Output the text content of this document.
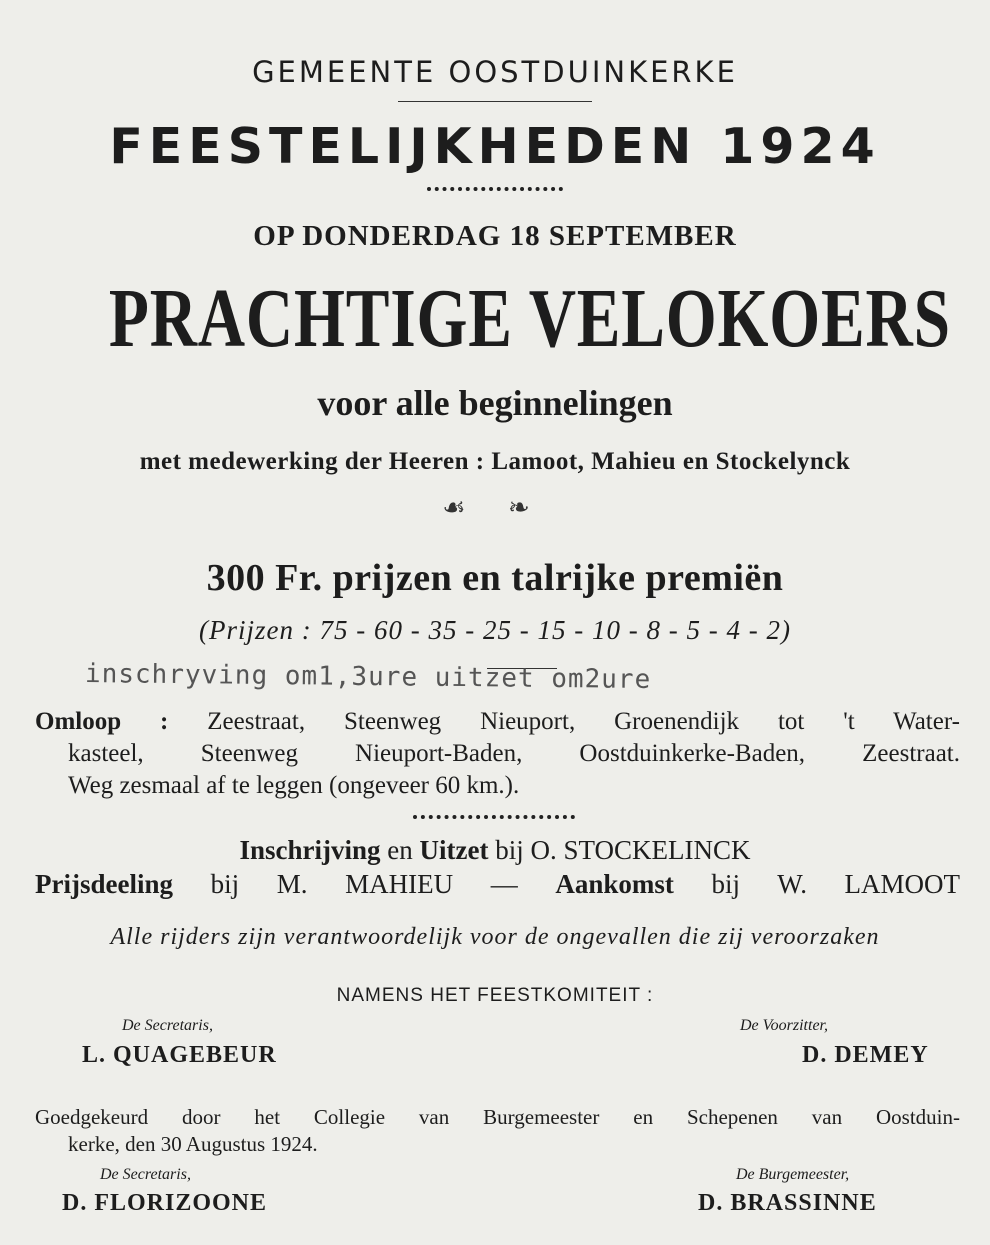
GEMEENTE OOSTDUINKERKE
FEESTELIJKHEDEN 1924
OP DONDERDAG 18 SEPTEMBER
PRACHTIGE VELOKOERS
voor alle beginnelingen
met medewerking der Heeren : Lamoot, Mahieu en Stockelynck
☙ ❧
300 Fr. prijzen en talrijke premiën
(Prijzen : 75 - 60 - 35 - 25 - 15 - 10 - 8 - 5 - 4 - 2)
inschryving om1,3ure uitzet om2ure
Omloop : Zeestraat, Steenweg Nieuport, Groenendijk tot 't Water-
kasteel, Steenweg Nieuport-Baden, Oostduinkerke-Baden, Zeestraat.
Weg zesmaal af te leggen (ongeveer 60 km.).
Inschrijving en Uitzet bij O. STOCKELINCK
Prijsdeeling bij M. MAHIEU — Aankomst bij W. LAMOOT
Alle rijders zijn verantwoordelijk voor de ongevallen die zij veroorzaken
NAMENS HET FEESTKOMITEIT :
De Secretaris,
L. QUAGEBEUR
De Voorzitter,
D. DEMEY
Goedgekeurd door het Collegie van Burgemeester en Schepenen van Oostduin-
kerke, den 30 Augustus 1924.
De Secretaris,
D. FLORIZOONE
De Burgemeester,
D. BRASSINNE
